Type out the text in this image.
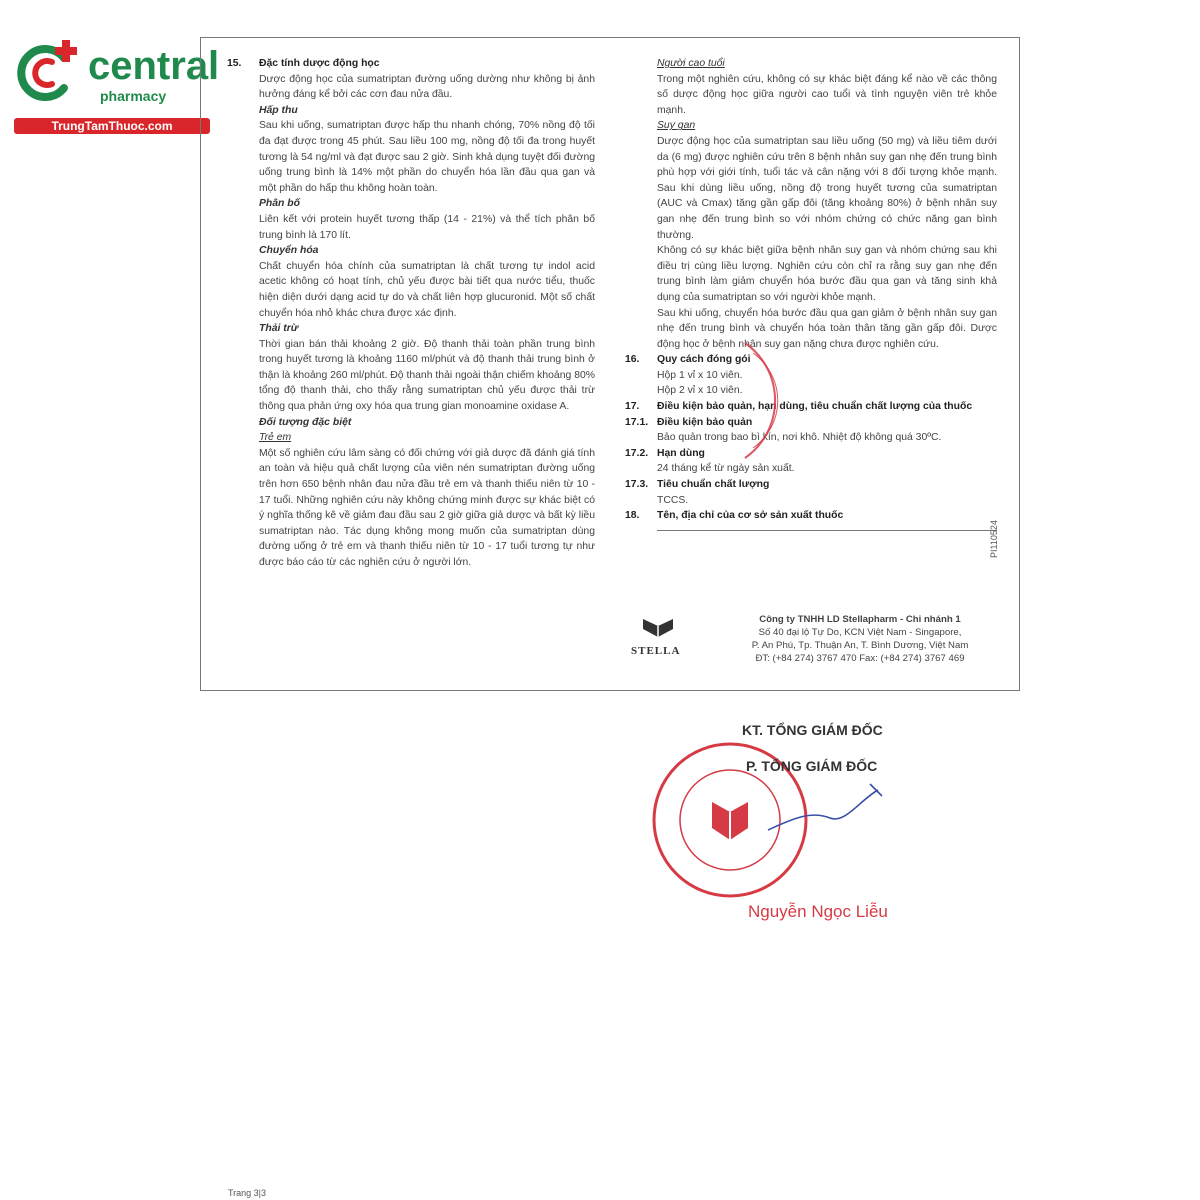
central
pharmacy
TrungTamThuoc.com
15.	Đặc tính dược động học
Dược động học của sumatriptan đường uống dường như không bị ảnh hưởng đáng kể bởi các cơn đau nửa đầu.
Hấp thu
Sau khi uống, sumatriptan được hấp thu nhanh chóng, 70% nồng độ tối đa đạt được trong 45 phút. Sau liều 100 mg, nồng độ tối đa trong huyết tương là 54 ng/ml và đạt được sau 2 giờ. Sinh khả dụng tuyệt đối đường uống trung bình là 14% một phần do chuyển hóa lần đầu qua gan và một phần do hấp thu không hoàn toàn.
Phân bố
Liên kết với protein huyết tương thấp (14 - 21%) và thể tích phân bố trung bình là 170 lít.
Chuyển hóa
Chất chuyển hóa chính của sumatriptan là chất tương tự indol acid acetic không có hoạt tính, chủ yếu được bài tiết qua nước tiểu, thuốc hiện diện dưới dạng acid tự do và chất liên hợp glucuronid. Một số chất chuyển hóa nhỏ khác chưa được xác định.
Thải trừ
Thời gian bán thải khoảng 2 giờ. Độ thanh thải toàn phần trung bình trong huyết tương là khoảng 1160 ml/phút và độ thanh thải trung bình ở thận là khoảng 260 ml/phút. Độ thanh thải ngoài thận chiếm khoảng 80% tổng độ thanh thải, cho thấy rằng sumatriptan chủ yếu được thải trừ thông qua phản ứng oxy hóa qua trung gian monoamine oxidase A.
Đối tượng đặc biệt
Trẻ em
Một số nghiên cứu lâm sàng có đối chứng với giả dược đã đánh giá tính an toàn và hiệu quả chất lượng của viên nén sumatriptan đường uống trên hơn 650 bệnh nhân đau nửa đầu trẻ em và thanh thiếu niên từ 10 - 17 tuổi. Những nghiên cứu này không chứng minh được sự khác biệt có ý nghĩa thống kê về giảm đau đầu sau 2 giờ giữa giả dược và bất kỳ liều sumatriptan nào. Tác dụng không mong muốn của sumatriptan dùng đường uống ở trẻ em và thanh thiếu niên từ 10 - 17 tuổi tương tự như được báo cáo từ các nghiên cứu ở người lớn.
Người cao tuổi
Trong một nghiên cứu, không có sự khác biệt đáng kể nào về các thông số dược động học giữa người cao tuổi và tình nguyện viên trẻ khỏe mạnh.
Suy gan
Dược động học của sumatriptan sau liều uống (50 mg) và liều tiêm dưới da (6 mg) được nghiên cứu trên 8 bệnh nhân suy gan nhẹ đến trung bình phù hợp với giới tính, tuổi tác và cân nặng với 8 đối tượng khỏe mạnh. Sau khi dùng liều uống, nồng độ trong huyết tương của sumatriptan (AUC và Cmax) tăng gần gấp đôi (tăng khoảng 80%) ở bệnh nhân suy gan nhẹ đến trung bình so với nhóm chứng có chức năng gan bình thường.
Không có sự khác biệt giữa bệnh nhân suy gan và nhóm chứng sau khi điều trị cùng liều lượng. Nghiên cứu còn chỉ ra rằng suy gan nhẹ đến trung bình làm giảm chuyển hóa bước đầu qua gan và tăng sinh khả dụng của sumatriptan so với người khỏe mạnh.
Sau khi uống, chuyển hóa bước đầu qua gan giảm ở bệnh nhân suy gan nhẹ đến trung bình và chuyển hóa toàn thân tăng gần gấp đôi. Dược động học ở bệnh nhân suy gan nặng chưa được nghiên cứu.
16.	Quy cách đóng gói
Hộp 1 vỉ x 10 viên.
Hộp 2 vỉ x 10 viên.
17.	Điều kiện bảo quản, hạn dùng, tiêu chuẩn chất lượng của thuốc
17.1. Điều kiện bảo quản
Bảo quản trong bao bì kín, nơi khô. Nhiệt độ không quá 30ºC.
17.2. Hạn dùng
24 tháng kể từ ngày sản xuất.
17.3. Tiêu chuẩn chất lượng
TCCS.
18.	Tên, địa chỉ của cơ sở sản xuất thuốc
STELLA
Công ty TNHH LD Stellapharm - Chi nhánh 1
Số 40 đại lộ Tự Do, KCN Việt Nam - Singapore,
P. An Phú, Tp. Thuận An, T. Bình Dương, Việt Nam
ĐT: (+84 274) 3767 470 Fax: (+84 274) 3767 469
PI110524
KT. TỔNG GIÁM ĐỐC
P. TỔNG GIÁM ĐỐC
Nguyễn Ngọc Liễu
Trang 3|3
